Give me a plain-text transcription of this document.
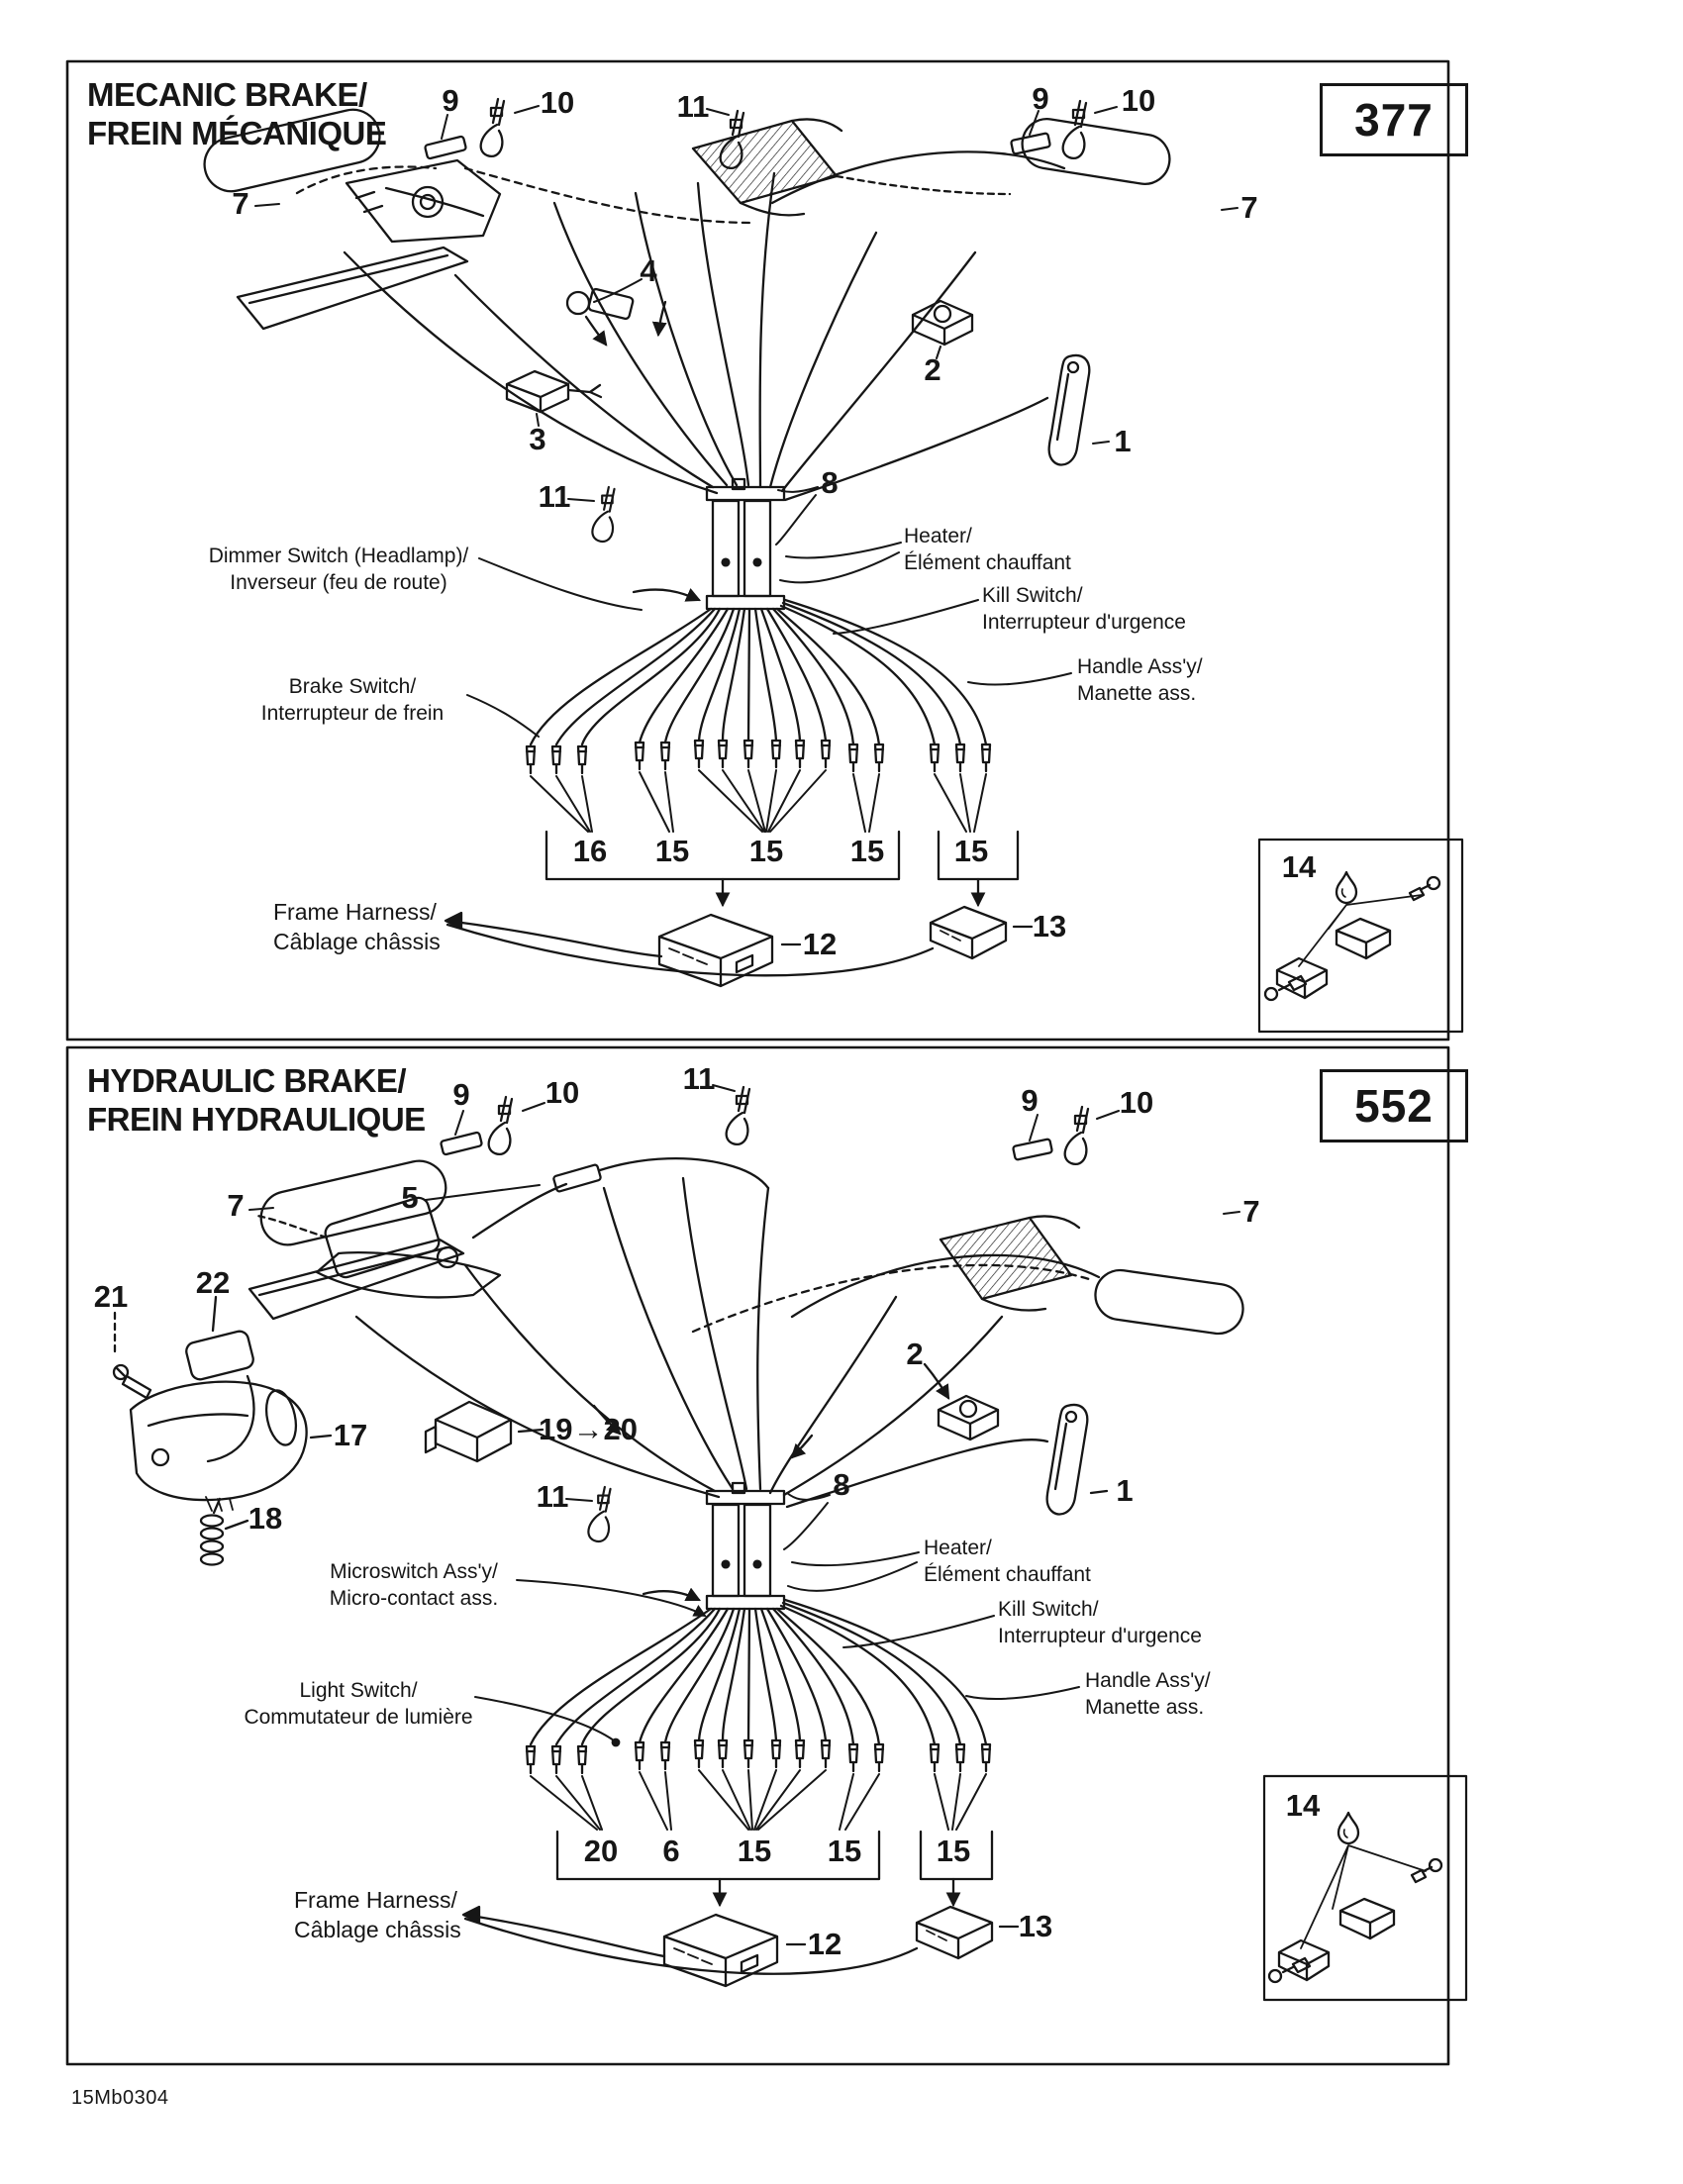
MECANIC BRAKE/
FREIN MÉCANIQUE	377
9	10	11	9 10
7	7
4
2
3	1
11	8
16 15 15 15 15
12
13
14
Dimmer Switch (Headlamp)/
Inverseur (feu de route)
Heater/
Élément chauffant
Kill Switch/
Interrupteur d'urgence
Brake Switch/
Interrupteur de frein
Handle Ass'y/
Manette ass.
Frame Harness/
Câblage châssis
HYDRAULIC BRAKE/
FREIN HYDRAULIQUE	552
9 10	11
9	10
7	5	7
21 22
2
17	19→20
1
18
11	8
20 6 15 15 15
12
13
14
Microswitch Ass'y/
Micro-contact ass.
Light Switch/
Commutateur de lumière
Heater/
Élément chauffant
Kill Switch/
Interrupteur d'urgence
Handle Ass'y/
Manette ass.
Frame Harness/
Câblage châssis
15Mb0304
